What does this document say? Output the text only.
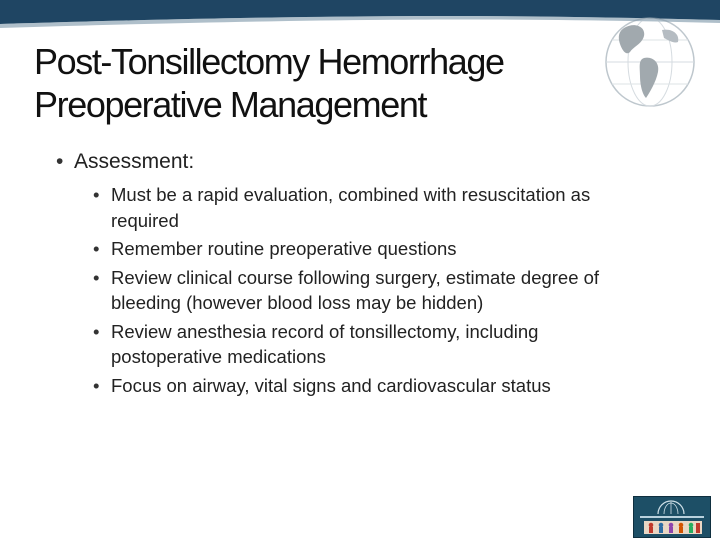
Post-Tonsillectomy Hemorrhage
Preoperative Management
• Assessment:
• Must be a rapid evaluation, combined with resuscitation as required
• Remember routine preoperative questions
• Review clinical course following surgery, estimate degree of bleeding (however blood loss may be hidden)
• Review anesthesia record of tonsillectomy, including postoperative medications
• Focus on airway, vital signs and cardiovascular status
